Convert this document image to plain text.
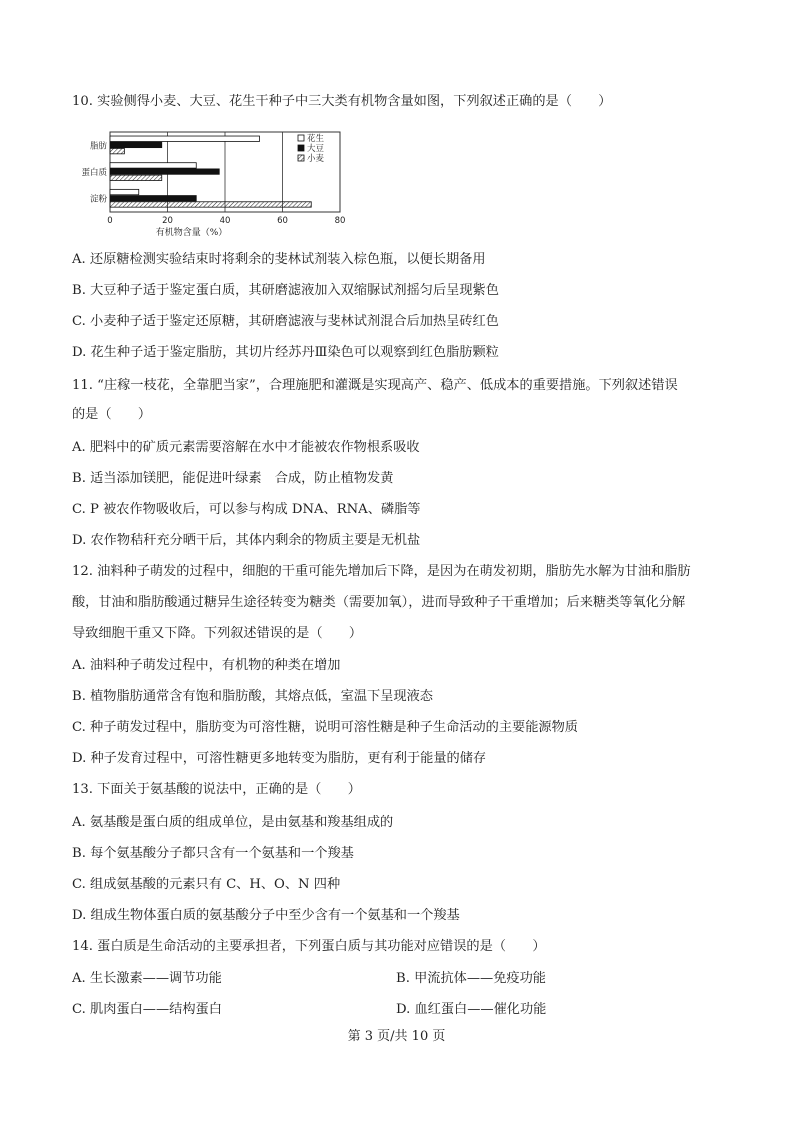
10. 实验侧得小麦、大豆、花生干种子中三大类有机物含量如图，下列叙述正确的是（　　）
0	20	40	60	80
有机物含量（%）
脂肪
蛋白质
淀粉
花生
大豆
小麦
A. 还原糖检测实验结束时将剩余的斐林试剂装入棕色瓶，以便长期备用
B. 大豆种子适于鉴定蛋白质，其研磨滤液加入双缩脲试剂摇匀后呈现紫色
C. 小麦种子适于鉴定还原糖，其研磨滤液与斐林试剂混合后加热呈砖红色
D. 花生种子适于鉴定脂肪，其切片经苏丹Ⅲ染色可以观察到红色脂肪颗粒
11. “庄稼一枝花，全靠肥当家”，合理施肥和灌溉是实现高产、稳产、低成本的重要措施。下列叙述错误
的是（　　）
A. 肥料中的矿质元素需要溶解在水中才能被农作物根系吸收
B. 适当添加镁肥，能促进叶绿素　合成，防止植物发黄
C. P 被农作物吸收后，可以参与构成 DNA、RNA、磷脂等
D. 农作物秸秆充分晒干后，其体内剩余的物质主要是无机盐
12. 油料种子萌发的过程中，细胞的干重可能先增加后下降，是因为在萌发初期，脂肪先水解为甘油和脂肪
酸，甘油和脂肪酸通过糖异生途径转变为糖类（需要加氧），进而导致种子干重增加；后来糖类等氧化分解
导致细胞干重又下降。下列叙述错误的是（　　）
A. 油料种子萌发过程中，有机物的种类在增加
B. 植物脂肪通常含有饱和脂肪酸，其熔点低，室温下呈现液态
C. 种子萌发过程中，脂肪变为可溶性糖，说明可溶性糖是种子生命活动的主要能源物质
D. 种子发育过程中，可溶性糖更多地转变为脂肪，更有利于能量的储存
13. 下面关于氨基酸的说法中，正确的是（　　）
A. 氨基酸是蛋白质的组成单位，是由氨基和羧基组成的
B. 每个氨基酸分子都只含有一个氨基和一个羧基
C. 组成氨基酸的元素只有 C、H、O、N 四种
D. 组成生物体蛋白质的氨基酸分子中至少含有一个氨基和一个羧基
14. 蛋白质是生命活动的主要承担者，下列蛋白质与其功能对应错误的是（　　）
A. 生长激素——调节功能	B. 甲流抗体——免疫功能
C. 肌肉蛋白——结构蛋白	D. 血红蛋白——催化功能
第 3 页/共 10 页
